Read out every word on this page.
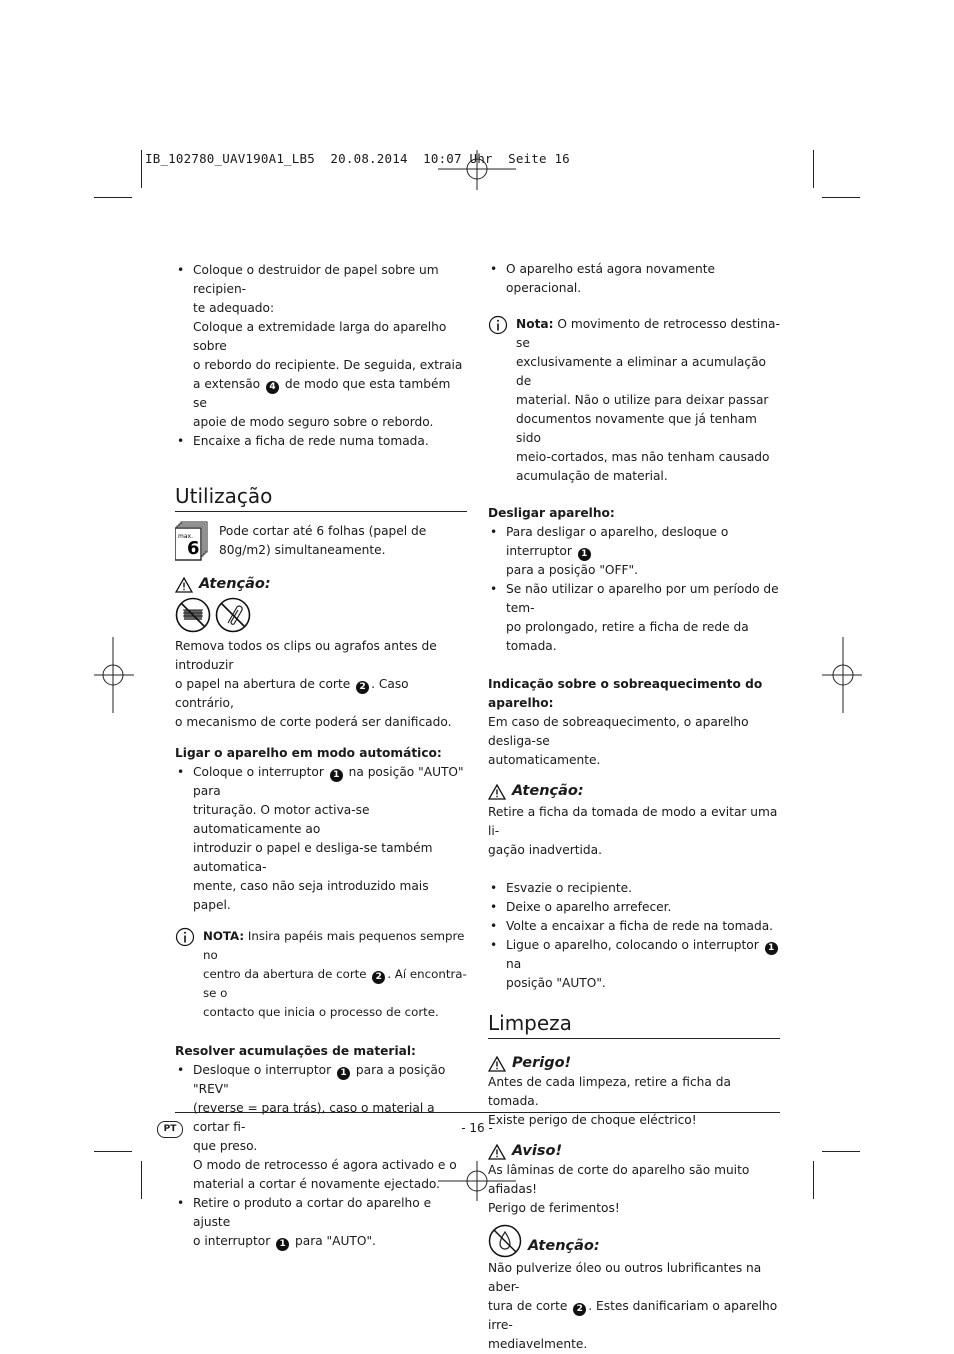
IB_102780_UAV190A1_LB5  20.08.2014  10:07 Uhr  Seite 16
• Coloque o destruidor de papel sobre um recipien-
te adequado:
Coloque a extremidade larga do aparelho sobre
o rebordo do recipiente. De seguida, extraia
a extensão 4 de modo que esta também se
apoie de modo seguro sobre o rebordo.
• Encaixe a ficha de rede numa tomada.
Utilização
max.
6
Pode cortar até 6 folhas (papel de
80g/m2) simultaneamente.

Atenção:

Remova todos os clips ou agrafos antes de introduzir
o papel na abertura de corte 2 . Caso contrário,
o mecanismo de corte poderá ser danificado.

Ligar o aparelho em modo automático:

• Coloque o interruptor 1 na posição "AUTO" para
trituração. O motor activa-se automaticamente ao
introduzir o papel e desliga-se também automatica-
mente, caso não seja introduzido mais papel.
NOTA: Insira papéis mais pequenos sempre no
centro da abertura de corte 2 . Aí encontra-se o
contacto que inicia o processo de corte.

Resolver acumulações de material:

• Desloque o interruptor 1 para a posição "REV"
(reverse = para trás), caso o material a cortar fi-
que preso.
O modo de retrocesso é agora activado e o
material a cortar é novamente ejectado.
• Retire o produto a cortar do aparelho e ajuste
o interruptor 1 para "AUTO".
• O aparelho está agora novamente operacional.
Nota: O movimento de retrocesso destina-se
exclusivamente a eliminar a acumulação de
material. Não o utilize para deixar passar
documentos novamente que já tenham sido
meio-cortados, mas não tenham causado
acumulação de material.

Desligar aparelho:

• Para desligar o aparelho, desloque o interruptor 1
para a posição "OFF".
• Se não utilizar o aparelho por um período de tem-
po prolongado, retire a ficha de rede da tomada.

Indicação sobre o sobreaquecimento do
aparelho:

Em caso de sobreaquecimento, o aparelho desliga-se
automaticamente.

Atenção:

Retire a ficha da tomada de modo a evitar uma li-
gação inadvertida.
• Esvazie o recipiente.
• Deixe o aparelho arrefecer.
• Volte a encaixar a ficha de rede na tomada.
• Ligue o aparelho, colocando o interruptor 1 na
posição "AUTO".
Limpeza

Perigo!

Antes de cada limpeza, retire a ficha da tomada.
Existe perigo de choque eléctrico!

Aviso!

As lâminas de corte do aparelho são muito afiadas!
Perigo de ferimentos!

Atenção:

Não pulverize óleo ou outros lubrificantes na aber-
tura de corte 2 . Estes danificariam o aparelho irre-
mediavelmente.
PT	- 16 -
